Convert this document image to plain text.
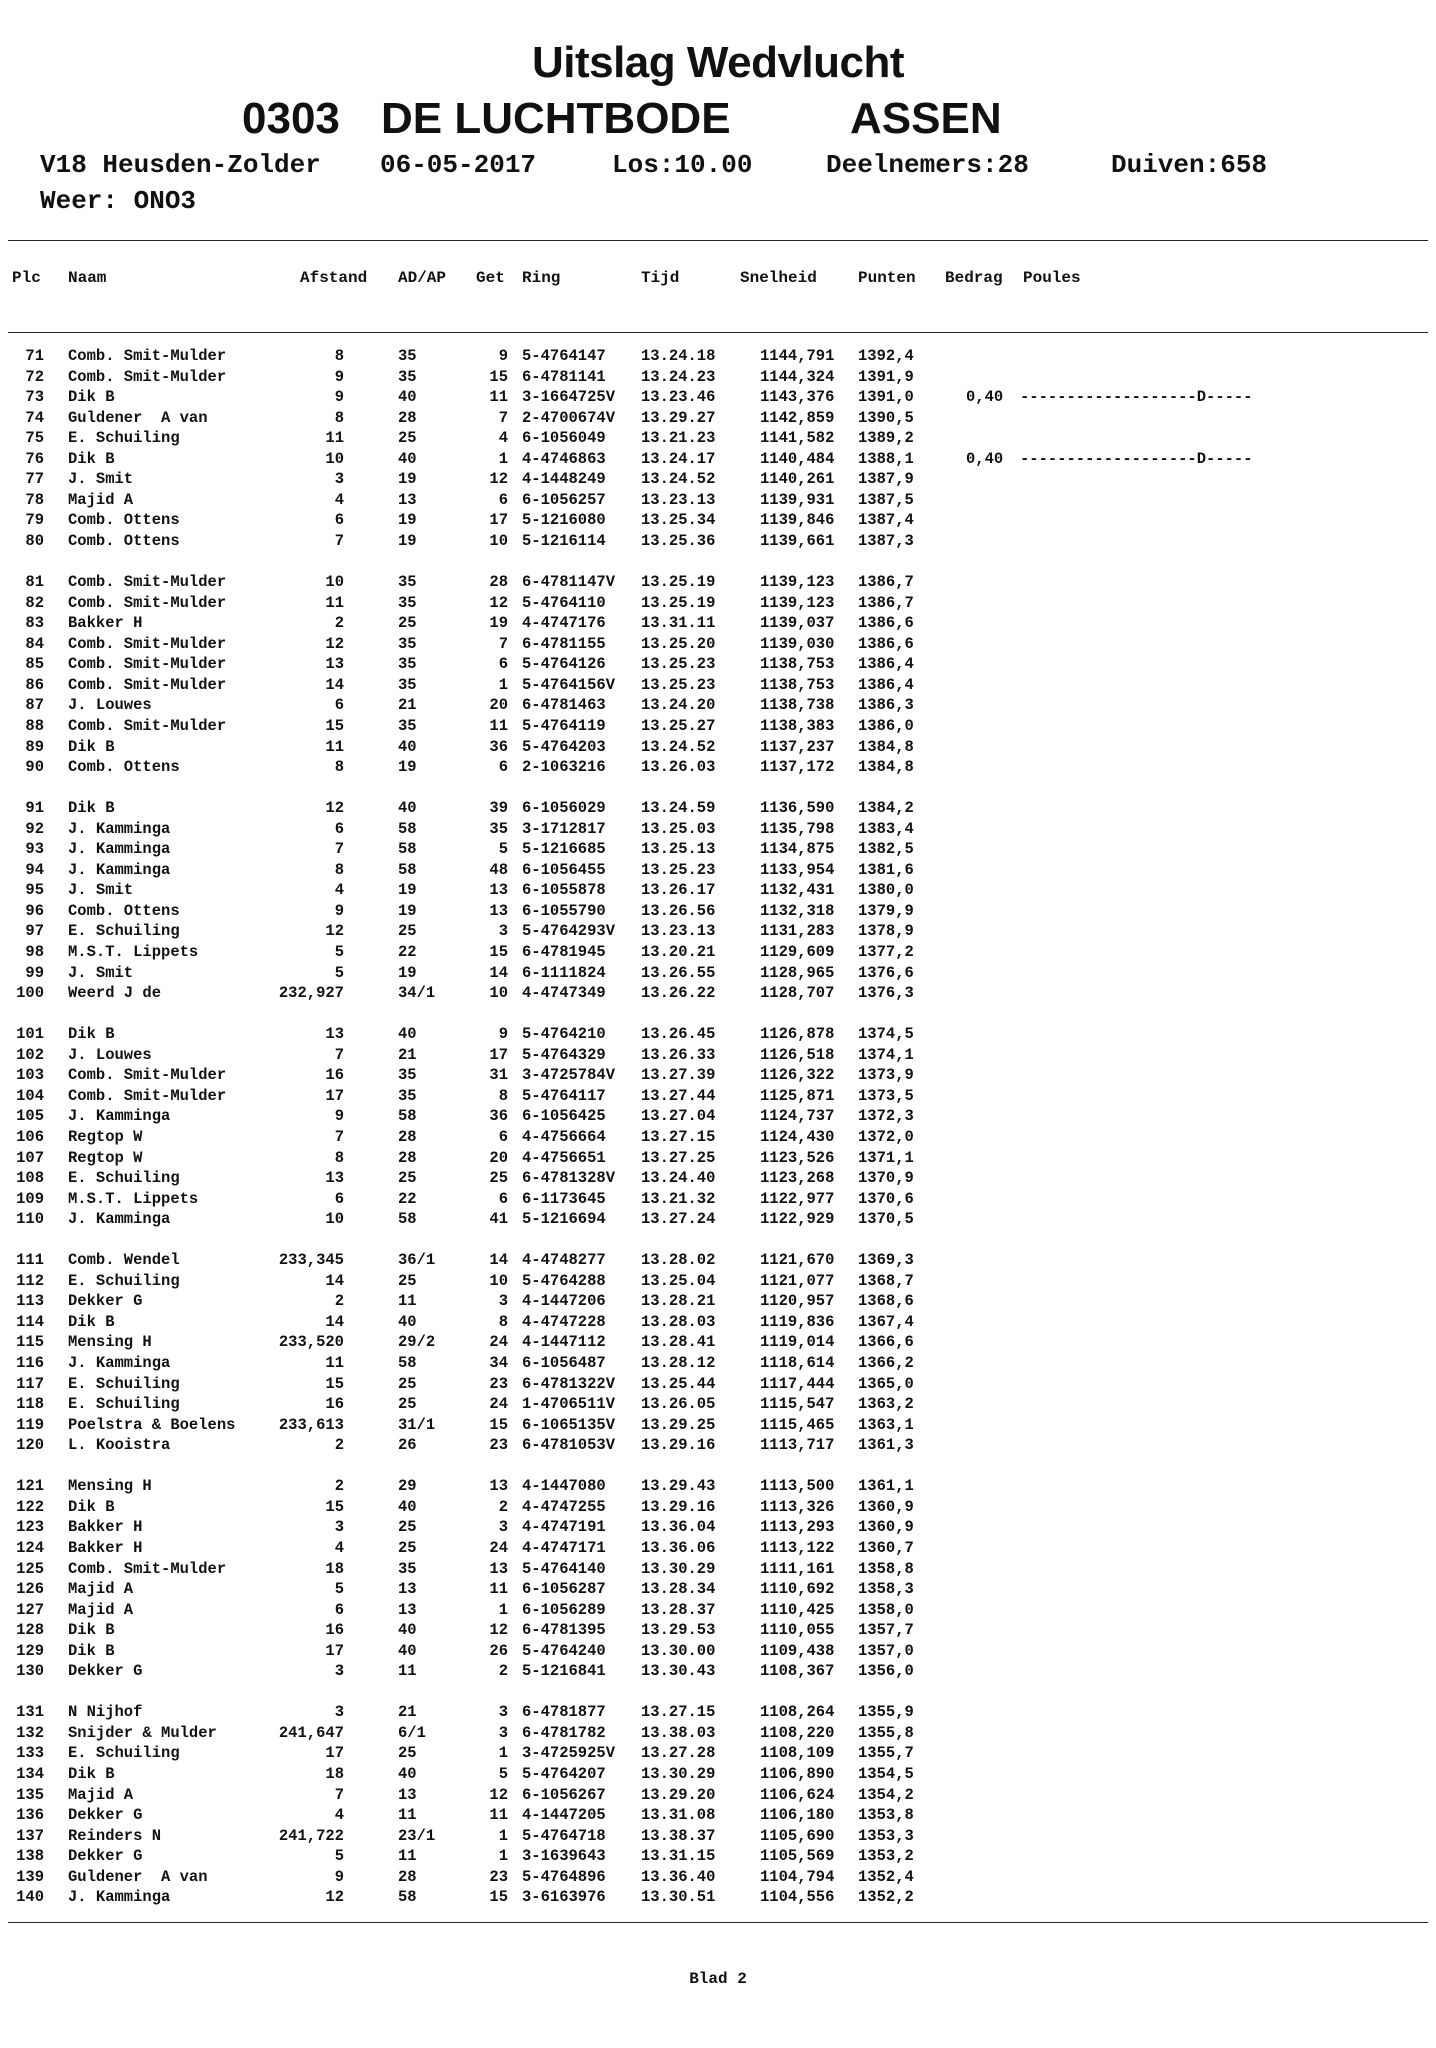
Uitslag Wedvlucht
0303 DE LUCHTBODE	ASSEN
V18 Heusden-Zolder 06-05-2017	Los:10.00	Deelnemers:28	Duiven:658
Weer: ONO3
Plc Naam	Afstand AD/AP Get Ring	Tijd	Snelheid	Punten Bedrag Poules
71 Comb. Smit-Mulder	8	35	9 5-4764147 13.24.18	1144,791 1392,4
72 Comb. Smit-Mulder	9	35	15 6-4781141 13.24.23	1144,324 1391,9
73 Dik B	9	40	11 3-1664725V 13.23.46	1143,376 1391,0	0,40 -------------------D-----
74 Guldener  A van	8	28	7 2-4700674V 13.29.27	1142,859 1390,5
75 E. Schuiling	11	25	4 6-1056049 13.21.23	1141,582 1389,2
76 Dik B	10	40	1 4-4746863 13.24.17	1140,484 1388,1	0,40 -------------------D-----
77 J. Smit	3	19	12 4-1448249 13.24.52	1140,261 1387,9
78 Majid A	4	13	6 6-1056257 13.23.13	1139,931 1387,5
79 Comb. Ottens	6	19	17 5-1216080 13.25.34	1139,846 1387,4
80 Comb. Ottens	7	19	10 5-1216114 13.25.36	1139,661 1387,3
81 Comb. Smit-Mulder	10	35	28 6-4781147V 13.25.19	1139,123 1386,7
82 Comb. Smit-Mulder	11	35	12 5-4764110 13.25.19	1139,123 1386,7
83 Bakker H	2	25	19 4-4747176 13.31.11	1139,037 1386,6
84 Comb. Smit-Mulder	12	35	7 6-4781155 13.25.20	1139,030 1386,6
85 Comb. Smit-Mulder	13	35	6 5-4764126 13.25.23	1138,753 1386,4
86 Comb. Smit-Mulder	14	35	1 5-4764156V 13.25.23	1138,753 1386,4
87 J. Louwes	6	21	20 6-4781463 13.24.20	1138,738 1386,3
88 Comb. Smit-Mulder	15	35	11 5-4764119 13.25.27	1138,383 1386,0
89 Dik B	11	40	36 5-4764203 13.24.52	1137,237 1384,8
90 Comb. Ottens	8	19	6 2-1063216 13.26.03	1137,172 1384,8
91 Dik B	12	40	39 6-1056029 13.24.59	1136,590 1384,2
92 J. Kamminga	6	58	35 3-1712817 13.25.03	1135,798 1383,4
93 J. Kamminga	7	58	5 5-1216685 13.25.13	1134,875 1382,5
94 J. Kamminga	8	58	48 6-1056455 13.25.23	1133,954 1381,6
95 J. Smit	4	19	13 6-1055878 13.26.17	1132,431 1380,0
96 Comb. Ottens	9	19	13 6-1055790 13.26.56	1132,318 1379,9
97 E. Schuiling	12	25	3 5-4764293V 13.23.13	1131,283 1378,9
98 M.S.T. Lippets	5	22	15 6-4781945 13.20.21	1129,609 1377,2
99 J. Smit	5	19	14 6-1111824 13.26.55	1128,965 1376,6
100 Weerd J de	232,927	34/1	10 4-4747349 13.26.22	1128,707 1376,3
101 Dik B	13	40	9 5-4764210 13.26.45	1126,878 1374,5
102 J. Louwes	7	21	17 5-4764329 13.26.33	1126,518 1374,1
103 Comb. Smit-Mulder	16	35	31 3-4725784V 13.27.39	1126,322 1373,9
104 Comb. Smit-Mulder	17	35	8 5-4764117 13.27.44	1125,871 1373,5
105 J. Kamminga	9	58	36 6-1056425 13.27.04	1124,737 1372,3
106 Regtop W	7	28	6 4-4756664 13.27.15	1124,430 1372,0
107 Regtop W	8	28	20 4-4756651 13.27.25	1123,526 1371,1
108 E. Schuiling	13	25	25 6-4781328V 13.24.40	1123,268 1370,9
109 M.S.T. Lippets	6	22	6 6-1173645 13.21.32	1122,977 1370,6
110 J. Kamminga	10	58	41 5-1216694 13.27.24	1122,929 1370,5
111 Comb. Wendel	233,345	36/1	14 4-4748277 13.28.02	1121,670 1369,3
112 E. Schuiling	14	25	10 5-4764288 13.25.04	1121,077 1368,7
113 Dekker G	2	11	3 4-1447206 13.28.21	1120,957 1368,6
114 Dik B	14	40	8 4-4747228 13.28.03	1119,836 1367,4
115 Mensing H	233,520	29/2	24 4-1447112 13.28.41	1119,014 1366,6
116 J. Kamminga	11	58	34 6-1056487 13.28.12	1118,614 1366,2
117 E. Schuiling	15	25	23 6-4781322V 13.25.44	1117,444 1365,0
118 E. Schuiling	16	25	24 1-4706511V 13.26.05	1115,547 1363,2
119 Poelstra & Boelens	233,613	31/1	15 6-1065135V 13.29.25	1115,465 1363,1
120 L. Kooistra	2	26	23 6-4781053V 13.29.16	1113,717 1361,3
121 Mensing H	2	29	13 4-1447080 13.29.43	1113,500 1361,1
122 Dik B	15	40	2 4-4747255 13.29.16	1113,326 1360,9
123 Bakker H	3	25	3 4-4747191 13.36.04	1113,293 1360,9
124 Bakker H	4	25	24 4-4747171 13.36.06	1113,122 1360,7
125 Comb. Smit-Mulder	18	35	13 5-4764140 13.30.29	1111,161 1358,8
126 Majid A	5	13	11 6-1056287 13.28.34	1110,692 1358,3
127 Majid A	6	13	1 6-1056289 13.28.37	1110,425 1358,0
128 Dik B	16	40	12 6-4781395 13.29.53	1110,055 1357,7
129 Dik B	17	40	26 5-4764240 13.30.00	1109,438 1357,0
130 Dekker G	3	11	2 5-1216841 13.30.43	1108,367 1356,0
131 N Nijhof	3	21	3 6-4781877 13.27.15	1108,264 1355,9
132 Snijder & Mulder	241,647	6/1	3 6-4781782 13.38.03	1108,220 1355,8
133 E. Schuiling	17	25	1 3-4725925V 13.27.28	1108,109 1355,7
134 Dik B	18	40	5 5-4764207 13.30.29	1106,890 1354,5
135 Majid A	7	13	12 6-1056267 13.29.20	1106,624 1354,2
136 Dekker G	4	11	11 4-1447205 13.31.08	1106,180 1353,8
137 Reinders N	241,722	23/1	1 5-4764718 13.38.37	1105,690 1353,3
138 Dekker G	5	11	1 3-1639643 13.31.15	1105,569 1353,2
139 Guldener  A van	9	28	23 5-4764896 13.36.40	1104,794 1352,4
140 J. Kamminga	12	58	15 3-6163976 13.30.51	1104,556 1352,2
Blad 2
